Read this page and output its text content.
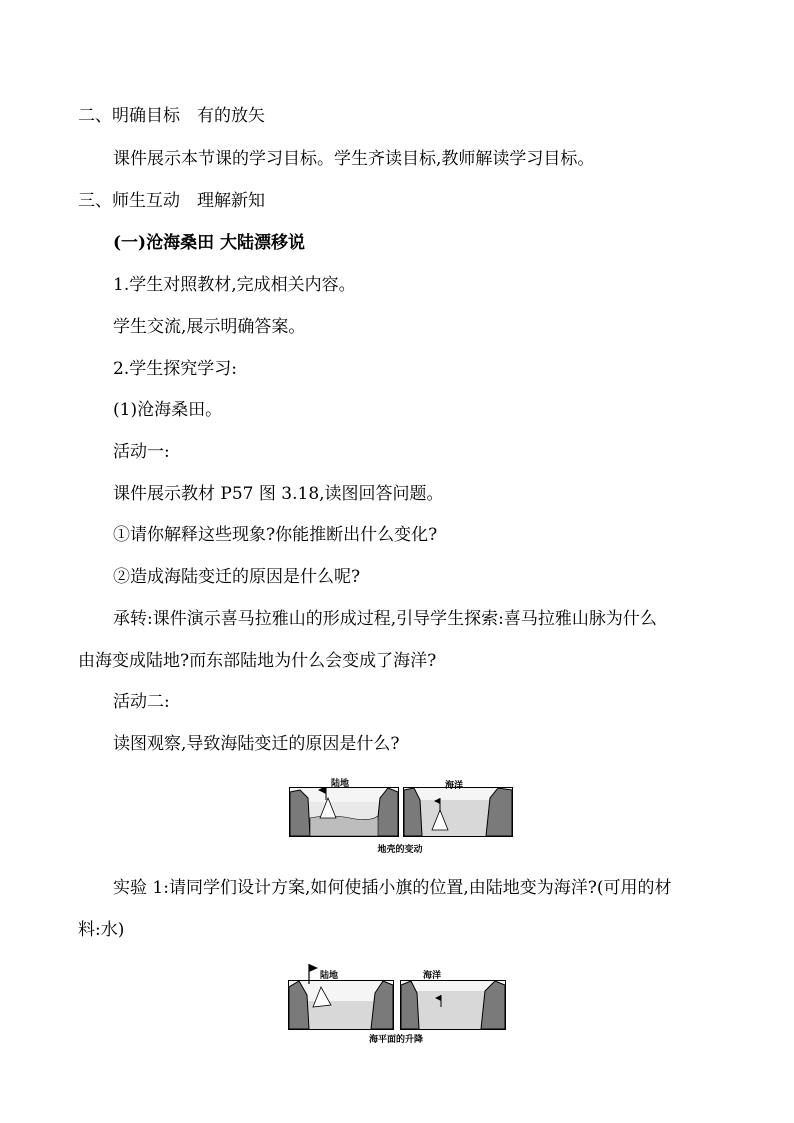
二、明确目标　有的放矢
课件展示本节课的学习目标。学生齐读目标,教师解读学习目标。
三、师生互动　理解新知
(一)沧海桑田 大陆漂移说
1.学生对照教材,完成相关内容。
学生交流,展示明确答案。
2.学生探究学习:
(1)沧海桑田。
活动一:
课件展示教材 P57 图 3.18,读图回答问题。
①请你解释这些现象?你能推断出什么变化?
②造成海陆变迁的原因是什么呢?
承转:课件演示喜马拉雅山的形成过程,引导学生探索:喜马拉雅山脉为什么
由海变成陆地?而东部陆地为什么会变成了海洋?
活动二:
读图观察,导致海陆变迁的原因是什么?
陆地	海洋
地壳的变动
实验 1:请同学们设计方案,如何使插小旗的位置,由陆地变为海洋?(可用的材
料:水)
陆地	海洋
海平面的升降
